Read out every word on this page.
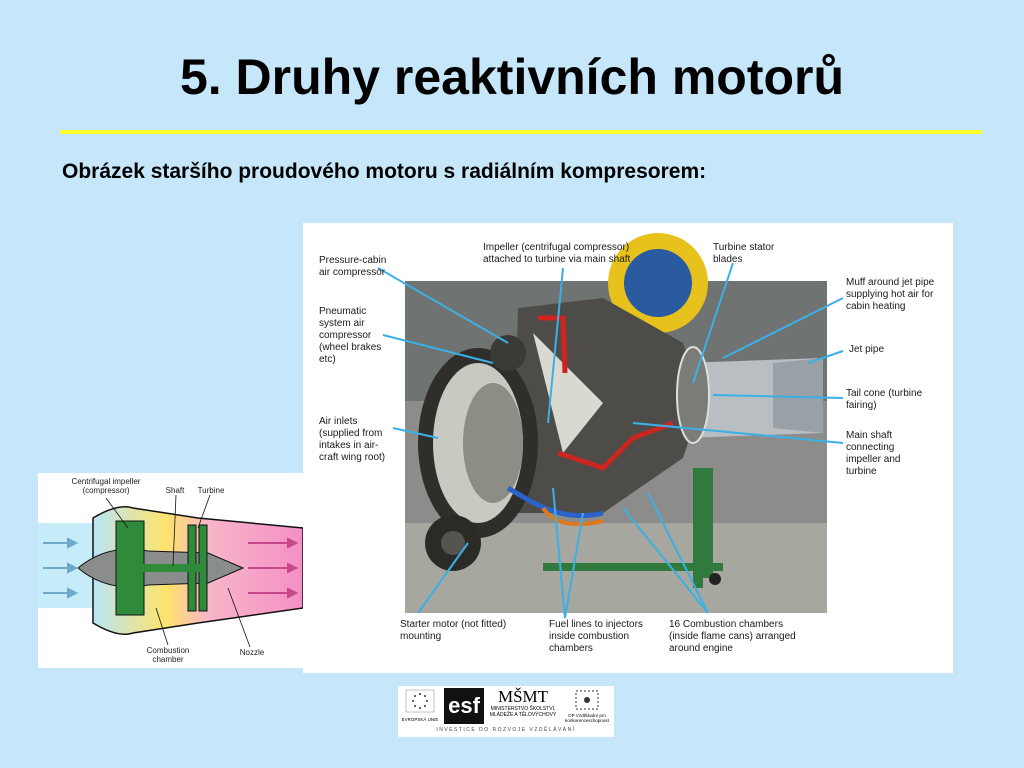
5. Druhy reaktivních motorů
Obrázek staršího proudového motoru s radiálním kompresorem:
Pressure-cabin air compressor
Impeller (centrifugal compressor) attached to turbine via main shaft
Turbine stator blades
Muff around jet pipe supplying hot air for cabin heating
Pneumatic system air compressor (wheel brakes etc)
Jet pipe
Tail cone (turbine fairing)
Air inlets (supplied from intakes in air-craft wing root)
Main shaft connecting impeller and turbine
Starter motor (not fitted) mounting
Fuel lines to injectors inside combustion chambers
16 Combustion chambers (inside flame cans) arranged around engine
Centrifugal impeller (compressor)	Shaft	Turbine
Combustion chamber
Nozzle
EVROPSKÁ UNIE
esf	MŠMT
MINISTERSTVO ŠKOLSTVÍ, MLÁDEŽE A TĚLOVÝCHOVY	OP Vzdělávání pro konkurenceschopnost
INVESTICE DO ROZVOJE VZDĚLÁVÁNÍ
